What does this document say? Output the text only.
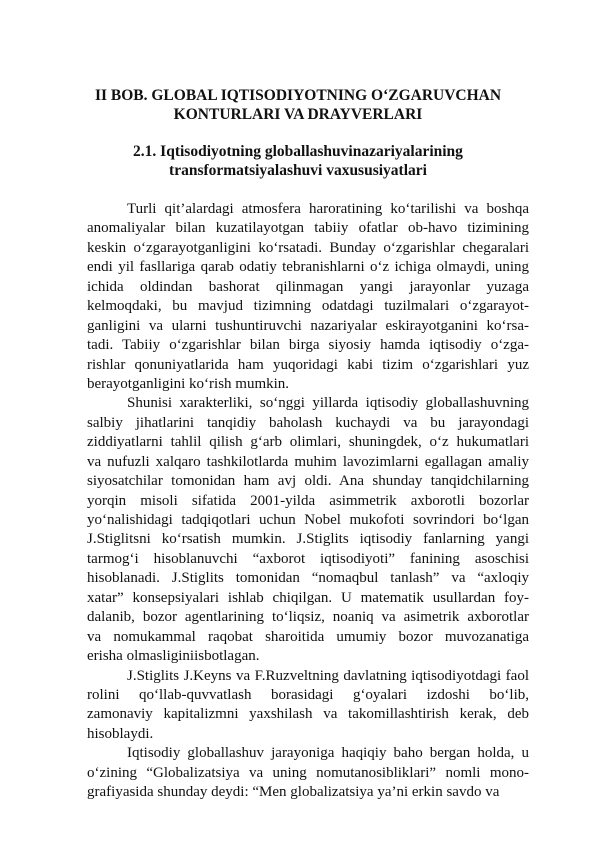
II BOB. GLOBAL IQTISODIYOTNING O‘ZGARUVCHAN
KONTURLARI VA DRAYVERLARI
2.1. Iqtisodiyotning globallashuvinazariyalarining
transformatsiyalashuvi vaxususiyatlari
Turli qit’alardagi atmosfera haroratining ko‘tarilishi va boshqa
anomaliyalar bilan kuzatilayotgan tabiiy ofatlar ob-havo tizimining
keskin o‘zgarayotganligini ko‘rsatadi. Bunday o‘zgarishlar chegaralari
endi yil fasllariga qarab odatiy tebranishlarni o‘z ichiga olmaydi, uning
ichida oldindan bashorat qilinmagan yangi jarayonlar yuzaga
kelmoqdaki, bu mavjud tizimning odatdagi tuzilmalari o‘zgarayot-
ganligini va ularni tushuntiruvchi nazariyalar eskirayotganini ko‘rsa-
tadi. Tabiiy o‘zgarishlar bilan birga siyosiy hamda iqtisodiy o‘zga-
rishlar qonuniyatlarida ham yuqoridagi kabi tizim o‘zgarishlari yuz
berayotganligini ko‘rish mumkin.
Shunisi xarakterliki, so‘nggi yillarda iqtisodiy globallashuvning
salbiy jihatlarini tanqidiy baholash kuchaydi va bu jarayondagi
ziddiyatlarni tahlil qilish g‘arb olimlari, shuningdek, o‘z hukumatlari
va nufuzli xalqaro tashkilotlarda muhim lavozimlarni egallagan amaliy
siyosatchilar tomonidan ham avj oldi. Ana shunday tanqidchilarning
yorqin misoli sifatida 2001-yilda asimmetrik axborotli bozorlar
yo‘nalishidagi tadqiqotlari uchun Nobel mukofoti sovrindori bo‘lgan
J.Stiglitsni ko‘rsatish mumkin. J.Stiglits iqtisodiy fanlarning yangi
tarmog‘i hisoblanuvchi “axborot iqtisodiyoti” fanining asoschisi
hisoblanadi. J.Stiglits tomonidan “nomaqbul tanlash” va “axloqiy
xatar” konsepsiyalari ishlab chiqilgan. U matematik usullardan foy-
dalanib, bozor agentlarining to‘liqsiz, noaniq va asimetrik axborotlar
va nomukammal raqobat sharoitida umumiy bozor muvozanatiga
erisha olmasliginiisbotlagan.
J.Stiglits J.Keyns va F.Ruzveltning davlatning iqtisodiyotdagi faol
rolini qo‘llab-quvvatlash borasidagi g‘oyalari izdoshi bo‘lib,
zamonaviy kapitalizmni yaxshilash va takomillashtirish kerak, deb
hisoblaydi.
Iqtisodiy globallashuv jarayoniga haqiqiy baho bergan holda, u
o‘zining “Globalizatsiya va uning nomutanosibliklari” nomli mono-
grafiyasida shunday deydi: “Men globalizatsiya ya’ni erkin savdo va
